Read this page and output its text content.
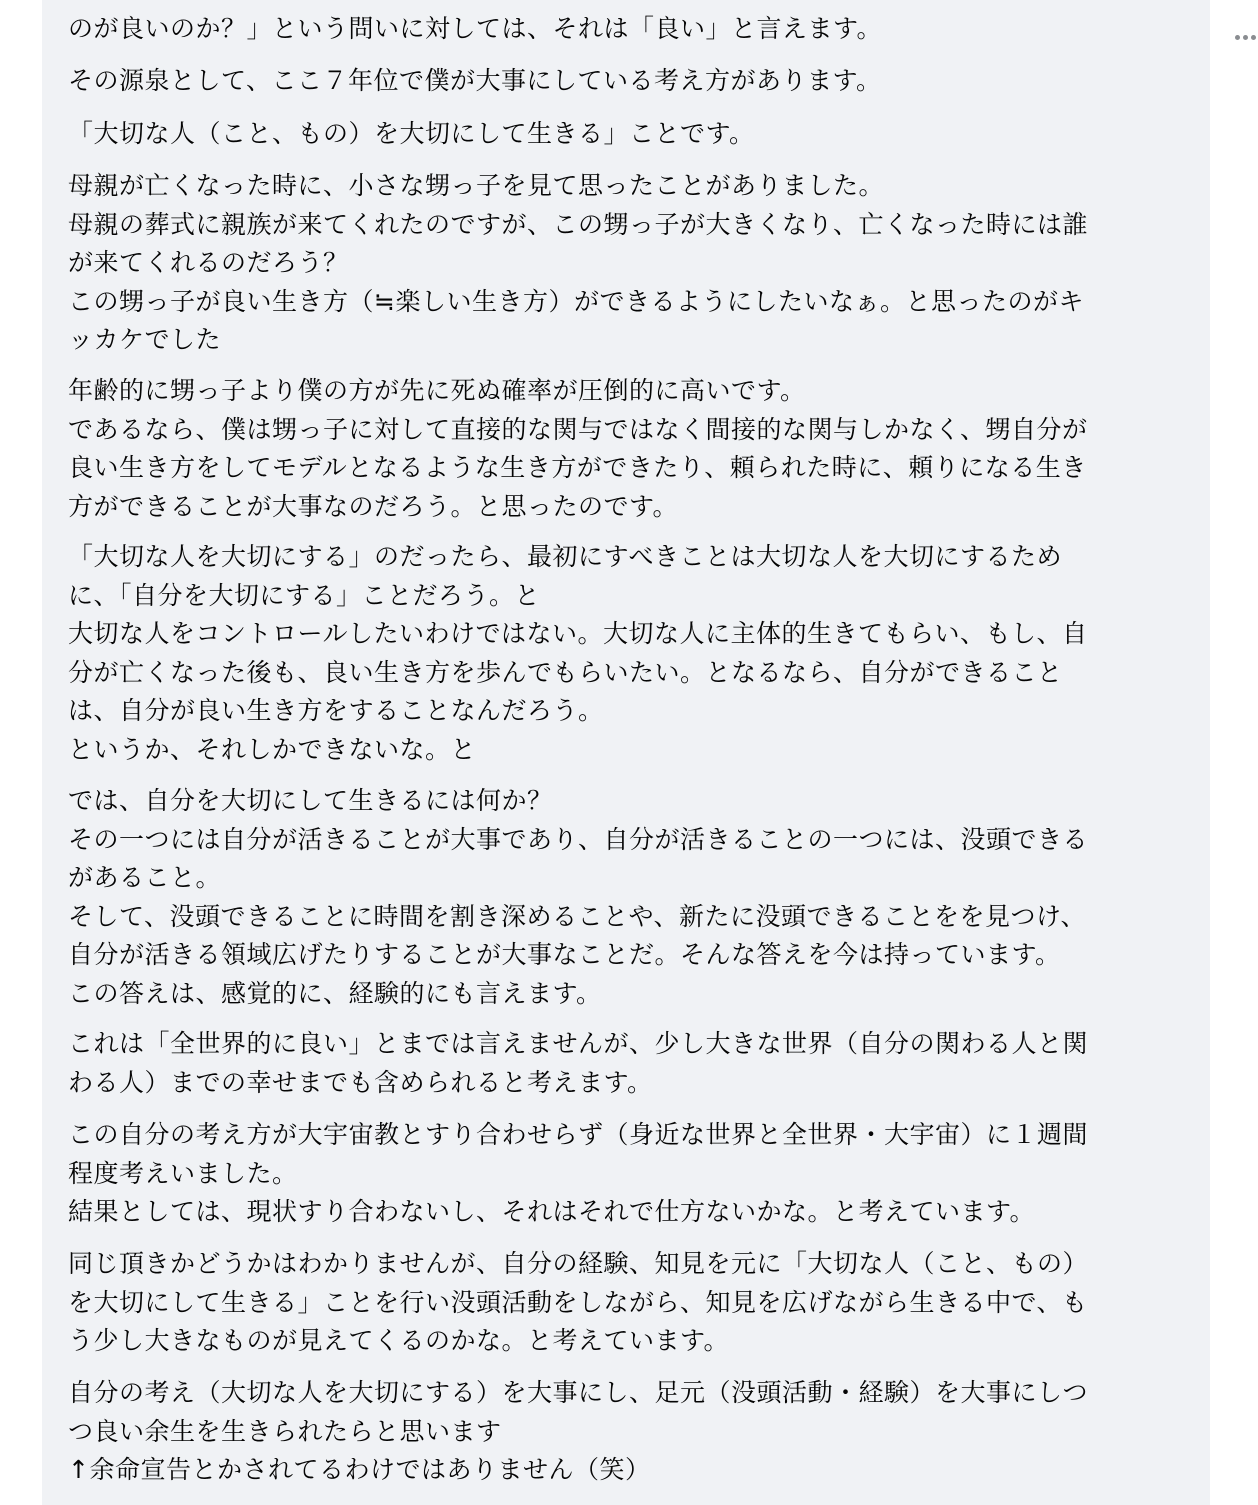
のが良いのか？」という問いに対しては、それは「良い」と言えます。
その源泉として、ここ７年位で僕が大事にしている考え方があります。
「大切な人（こと、もの）を大切にして生きる」ことです。
母親が亡くなった時に、小さな甥っ子を見て思ったことがありました。
母親の葬式に親族が来てくれたのですが、この甥っ子が大きくなり、亡くなった時には誰
が来てくれるのだろう？
この甥っ子が良い生き方（≒楽しい生き方）ができるようにしたいなぁ。と思ったのがキ
ッカケでした
年齢的に甥っ子より僕の方が先に死ぬ確率が圧倒的に高いです。
であるなら、僕は甥っ子に対して直接的な関与ではなく間接的な関与しかなく、甥自分が
良い生き方をしてモデルとなるような生き方ができたり、頼られた時に、頼りになる生き
方ができることが大事なのだろう。と思ったのです。
「大切な人を大切にする」のだったら、最初にすべきことは大切な人を大切にするため
に、「自分を大切にする」ことだろう。と
大切な人をコントロールしたいわけではない。大切な人に主体的生きてもらい、もし、自
分が亡くなった後も、良い生き方を歩んでもらいたい。となるなら、自分ができること
は、自分が良い生き方をすることなんだろう。
というか、それしかできないな。と
では、自分を大切にして生きるには何か？
その一つには自分が活きることが大事であり、自分が活きることの一つには、没頭できる
があること。
そして、没頭できることに時間を割き深めることや、新たに没頭できることをを見つけ、
自分が活きる領域広げたりすることが大事なことだ。そんな答えを今は持っています。
この答えは、感覚的に、経験的にも言えます。
これは「全世界的に良い」とまでは言えませんが、少し大きな世界（自分の関わる人と関
わる人）までの幸せまでも含められると考えます。
この自分の考え方が大宇宙教とすり合わせらず（身近な世界と全世界・大宇宙）に１週間
程度考えいました。
結果としては、現状すり合わないし、それはそれで仕方ないかな。と考えています。
同じ頂きかどうかはわかりませんが、自分の経験、知見を元に「大切な人（こと、もの）
を大切にして生きる」ことを行い没頭活動をしながら、知見を広げながら生きる中で、も
う少し大きなものが見えてくるのかな。と考えています。
自分の考え（大切な人を大切にする）を大事にし、足元（没頭活動・経験）を大事にしつ
つ良い余生を生きられたらと思います
↑余命宣告とかされてるわけではありません（笑）
